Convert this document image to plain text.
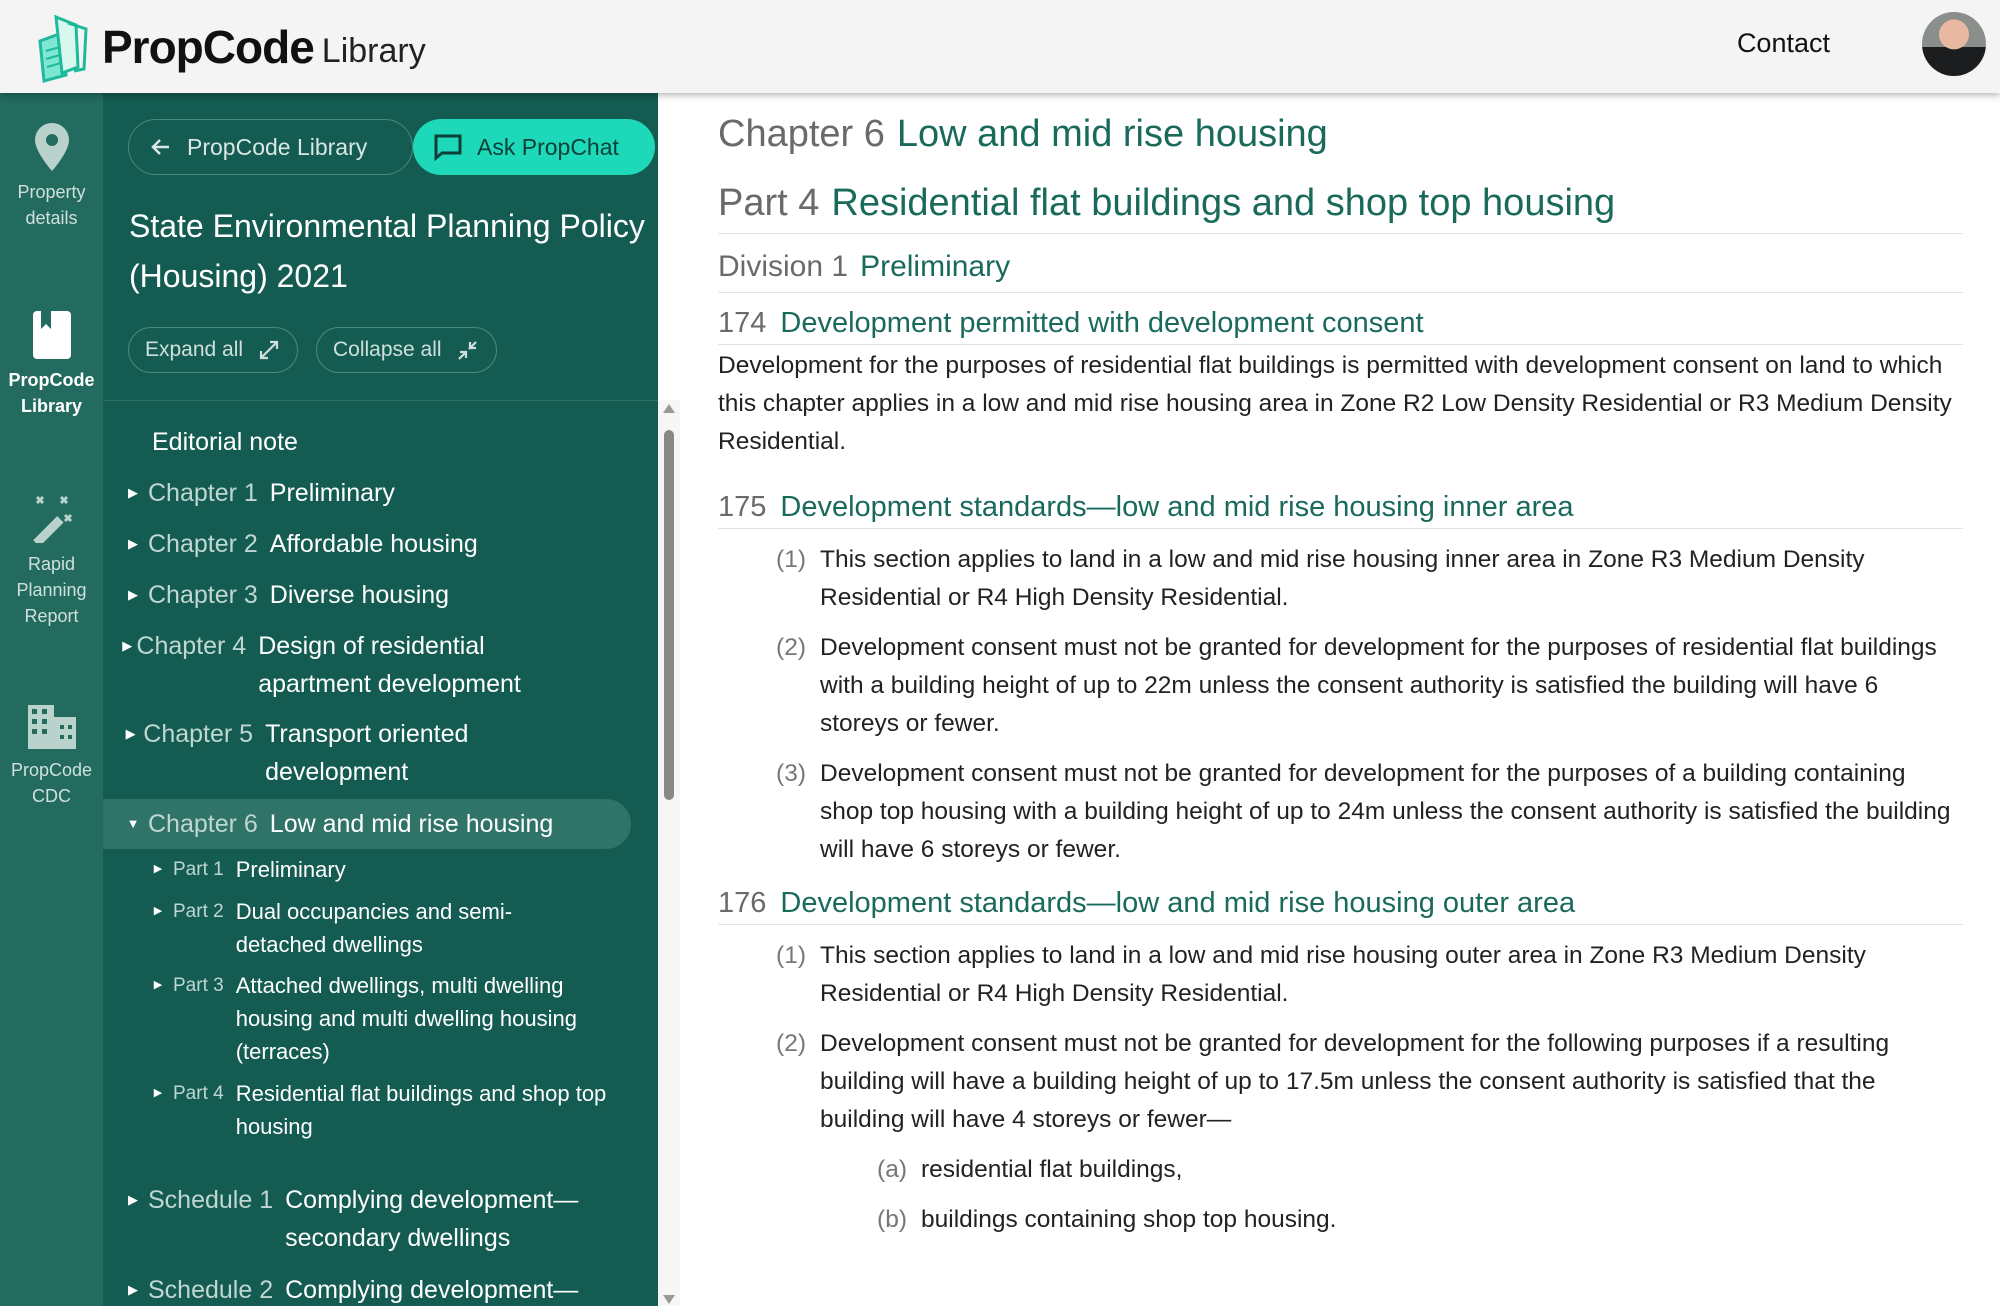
PropCode Library	Contact
Property
details
PropCode
Library
Rapid
Planning
Report
PropCode
CDC
PropCode Library	Ask PropChat
State Environmental Planning Policy (Housing) 2021
Expand all	Collapse all
Editorial note
▶ Chapter 1 Preliminary
▶ Chapter 2 Affordable housing
▶ Chapter 3 Diverse housing
▶ Chapter 4 Design of residential apartment development
▶ Chapter 5 Transport oriented development
▼ Chapter 6 Low and mid rise housing
▶ Part 1 Preliminary
▶ Part 2 Dual occupancies and semi-detached dwellings
▶ Part 3 Attached dwellings, multi dwelling housing and multi dwelling housing (terraces)
▶ Part 4 Residential flat buildings and shop top housing
▶ Schedule 1 Complying development—secondary dwellings
▶ Schedule 2 Complying development—
Chapter 6 Low and mid rise housing
Part 4 Residential flat buildings and shop top housing
Division 1 Preliminary
174 Development permitted with development consent
Development for the purposes of residential flat buildings is permitted with development consent on land to which this chapter applies in a low and mid rise housing area in Zone R2 Low Density Residential or R3 Medium Density Residential.
175 Development standards—low and mid rise housing inner area
(1) This section applies to land in a low and mid rise housing inner area in Zone R3 Medium Density Residential or R4 High Density Residential.
(2) Development consent must not be granted for development for the purposes of residential flat buildings with a building height of up to 22m unless the consent authority is satisfied the building will have 6 storeys or fewer.
(3) Development consent must not be granted for development for the purposes of a building containing shop top housing with a building height of up to 24m unless the consent authority is satisfied the building will have 6 storeys or fewer.
176 Development standards—low and mid rise housing outer area
(1) This section applies to land in a low and mid rise housing outer area in Zone R3 Medium Density Residential or R4 High Density Residential.
(2) Development consent must not be granted for development for the following purposes if a resulting building will have a building height of up to 17.5m unless the consent authority is satisfied that the building will have 4 storeys or fewer—
(a) residential flat buildings,
(b) buildings containing shop top housing.
